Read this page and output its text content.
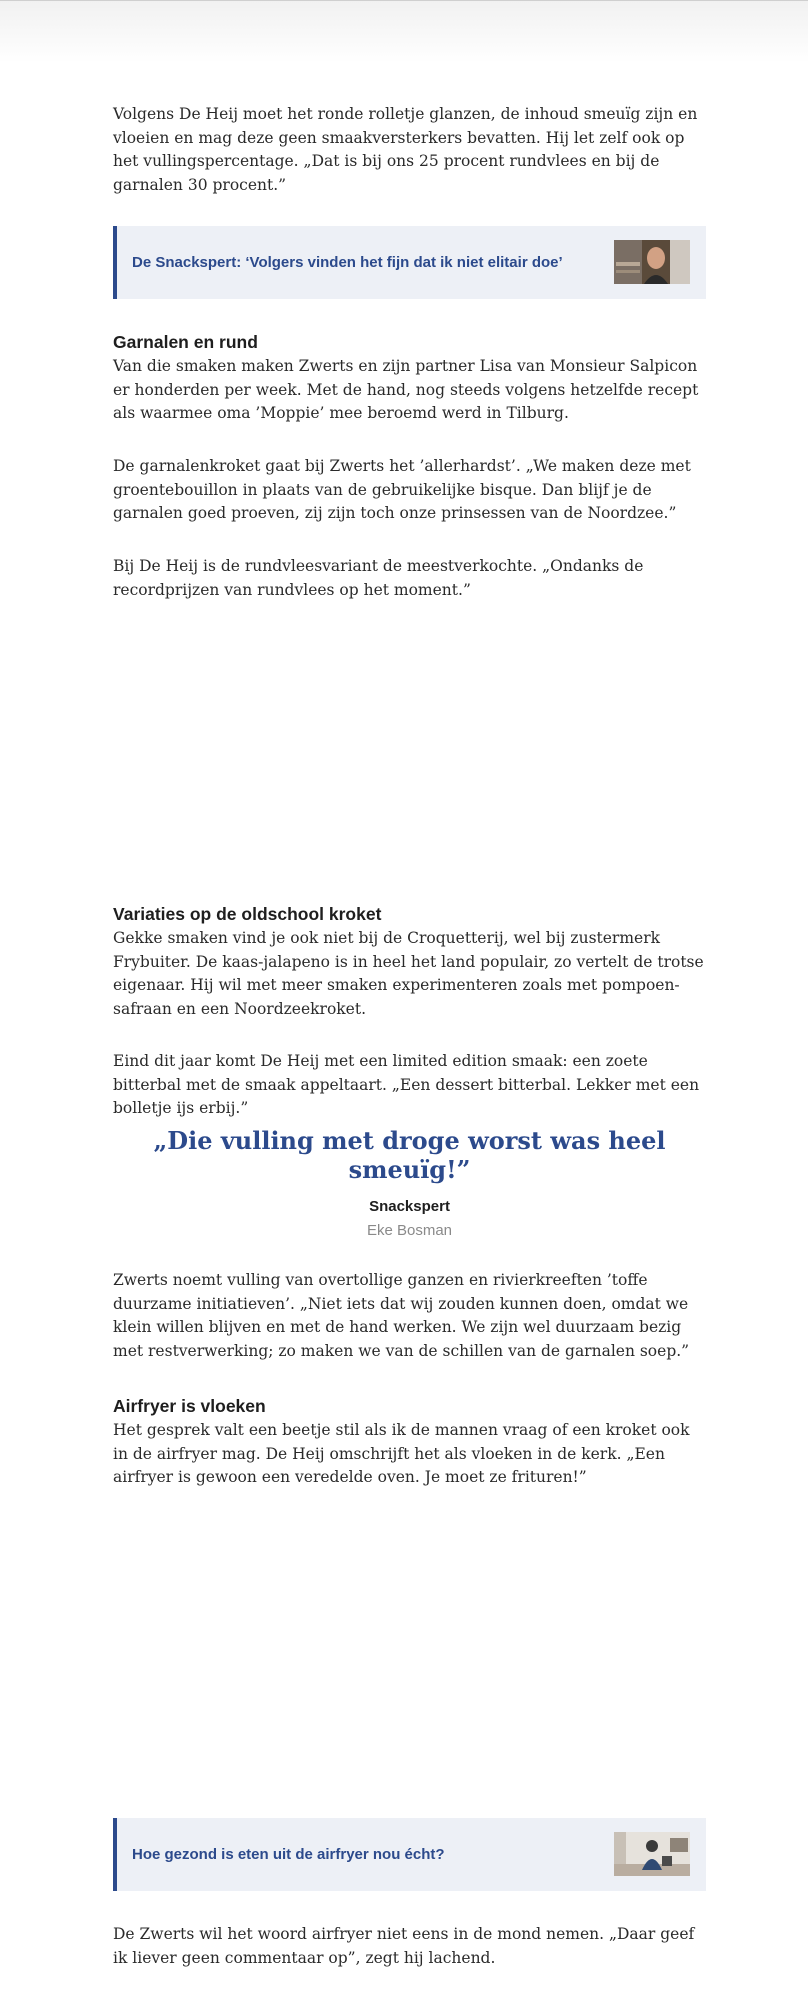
Volgens De Heij moet het ronde rolletje glanzen, de inhoud smeuïg zijn en vloeien en mag deze geen smaakversterkers bevatten. Hij let zelf ook op het vullingspercentage. „Dat is bij ons 25 procent rundvlees en bij de garnalen 30 procent.”

De Snackspert: ‘Volgers vinden het fijn dat ik niet elitair doe’
Garnalen en rund

Van die smaken maken Zwerts en zijn partner Lisa van Monsieur Salpicon er honderden per week. Met de hand, nog steeds volgens hetzelfde recept als waarmee oma ’Moppie’ mee beroemd werd in Tilburg.

De garnalenkroket gaat bij Zwerts het ’allerhardst’. „We maken deze met groentebouillon in plaats van de gebruikelijke bisque. Dan blijf je de garnalen goed proeven, zij zijn toch onze prinsessen van de Noordzee.”

Bij De Heij is de rundvleesvariant de meestverkochte. „Ondanks de recordprijzen van rundvlees op het moment.”

Variaties op de oldschool kroket

Gekke smaken vind je ook niet bij de Croquetterij, wel bij zustermerk Frybuiter. De kaas-jalapeno is in heel het land populair, zo vertelt de trotse eigenaar. Hij wil met meer smaken experimenteren zoals met pompoen-safraan en een Noordzeekroket.

Eind dit jaar komt De Heij met een limited edition smaak: een zoete bitterbal met de smaak appeltaart. „Een dessert bitterbal. Lekker met een bolletje ijs erbij.”

„Die vulling met droge worst was heel smeuïg!”

Snackspert
Eke Bosman

Zwerts noemt vulling van overtollige ganzen en rivierkreeften ’toffe duurzame initiatieven’. „Niet iets dat wij zouden kunnen doen, omdat we klein willen blijven en met de hand werken. We zijn wel duurzaam bezig met restverwerking; zo maken we van de schillen van de garnalen soep.”

Airfryer is vloeken

Het gesprek valt een beetje stil als ik de mannen vraag of een kroket ook in de airfryer mag. De Heij omschrijft het als vloeken in de kerk. „Een airfryer is gewoon een veredelde oven. Je moet ze frituren!”

Hoe gezond is eten uit de airfryer nou écht?

De Zwerts wil het woord airfryer niet eens in de mond nemen. „Daar geef ik liever geen commentaar op”, zegt hij lachend.
